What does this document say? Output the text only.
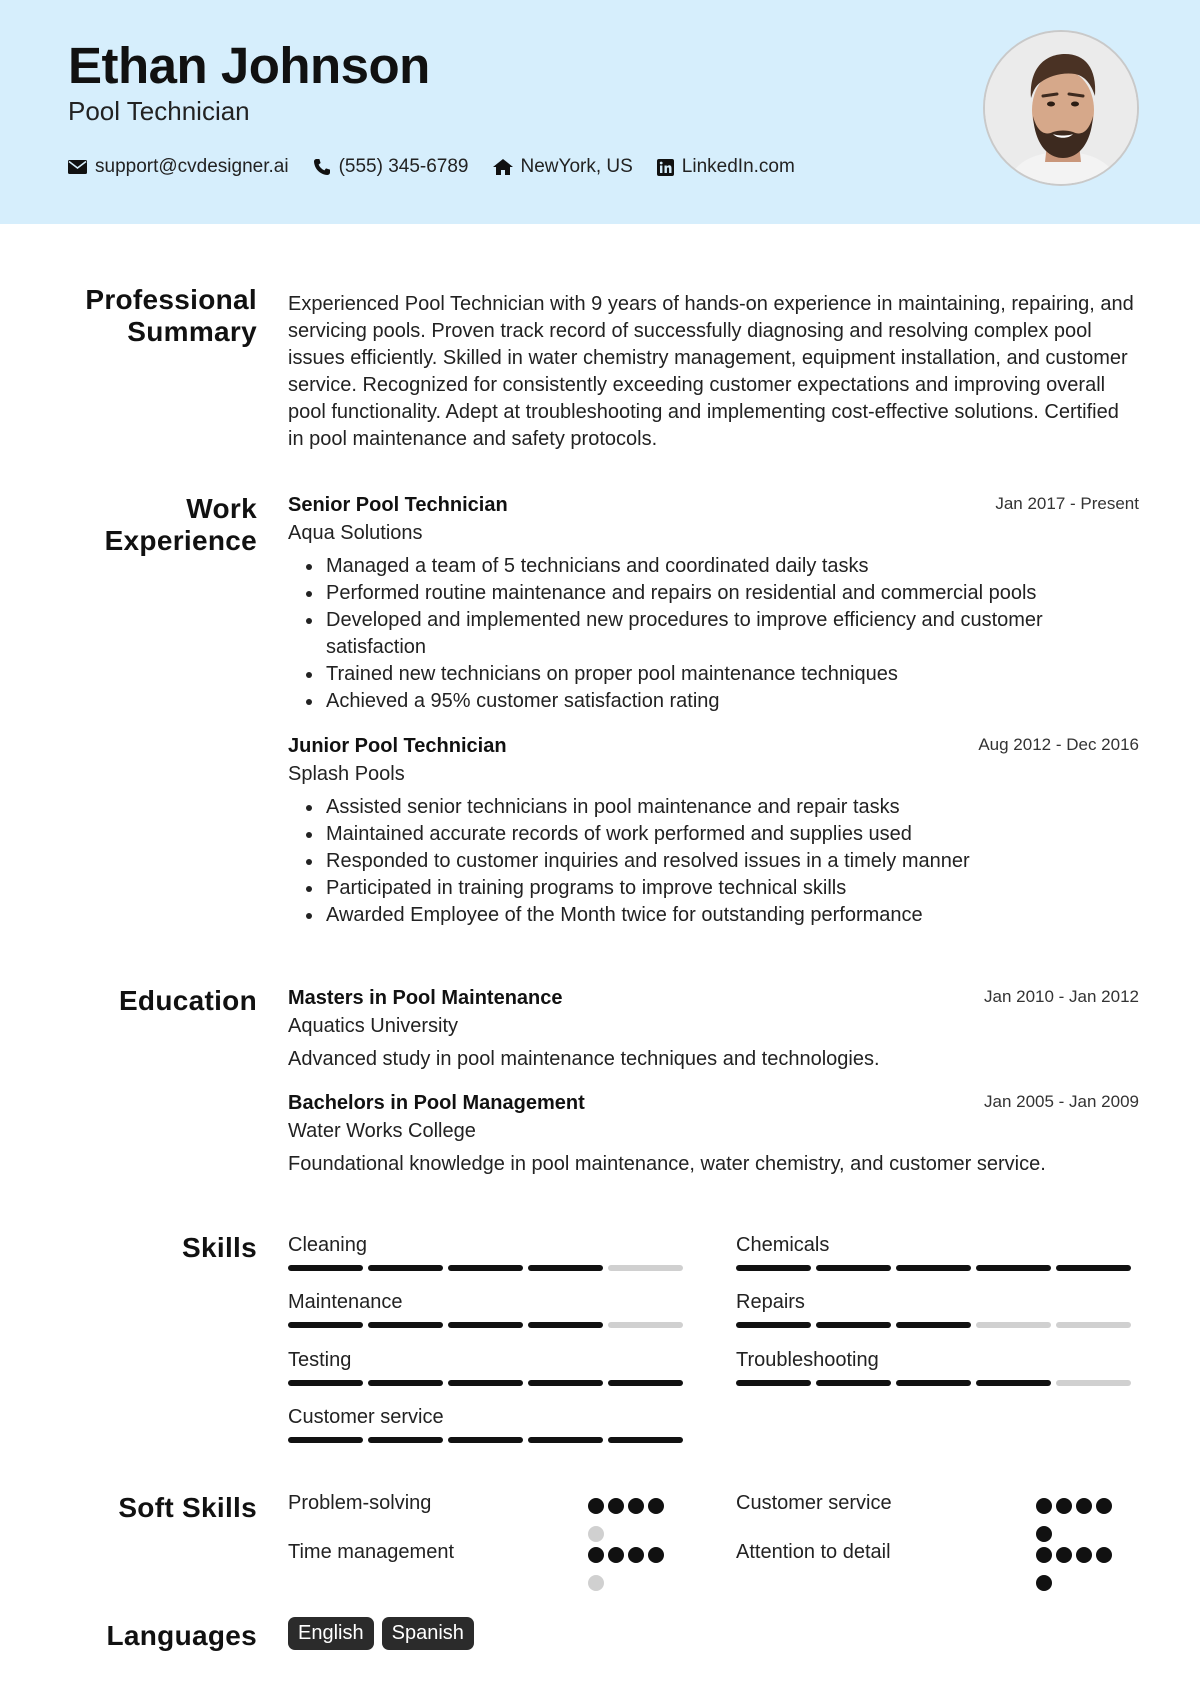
Ethan Johnson
Pool Technician
support@cvdesigner.ai	(555) 345-6789	NewYork, US	LinkedIn.com
Professional Summary
Experienced Pool Technician with 9 years of hands-on experience in maintaining, repairing, and servicing pools. Proven track record of successfully diagnosing and resolving complex pool issues efficiently. Skilled in water chemistry management, equipment installation, and customer service. Recognized for consistently exceeding customer expectations and improving overall pool functionality. Adept at troubleshooting and implementing cost-effective solutions. Certified in pool maintenance and safety protocols.
Work Experience
Senior Pool Technician	Jan 2017 - Present
Aqua Solutions
Managed a team of 5 technicians and coordinated daily tasks
Performed routine maintenance and repairs on residential and commercial pools
Developed and implemented new procedures to improve efficiency and customer satisfaction
Trained new technicians on proper pool maintenance techniques
Achieved a 95% customer satisfaction rating
Junior Pool Technician	Aug 2012 - Dec 2016
Splash Pools
Assisted senior technicians in pool maintenance and repair tasks
Maintained accurate records of work performed and supplies used
Responded to customer inquiries and resolved issues in a timely manner
Participated in training programs to improve technical skills
Awarded Employee of the Month twice for outstanding performance
Education Masters in Pool Maintenance	Jan 2010 - Jan 2012
Aquatics University
Advanced study in pool maintenance techniques and technologies.
Bachelors in Pool Management	Jan 2005 - Jan 2009
Water Works College
Foundational knowledge in pool maintenance, water chemistry, and customer service.
Skills Cleaning	Chemicals
Maintenance	Repairs
Testing	Troubleshooting
Customer service
Soft Skills Problem-solving	Customer service
Time management	Attention to detail
Languages	English	Spanish
